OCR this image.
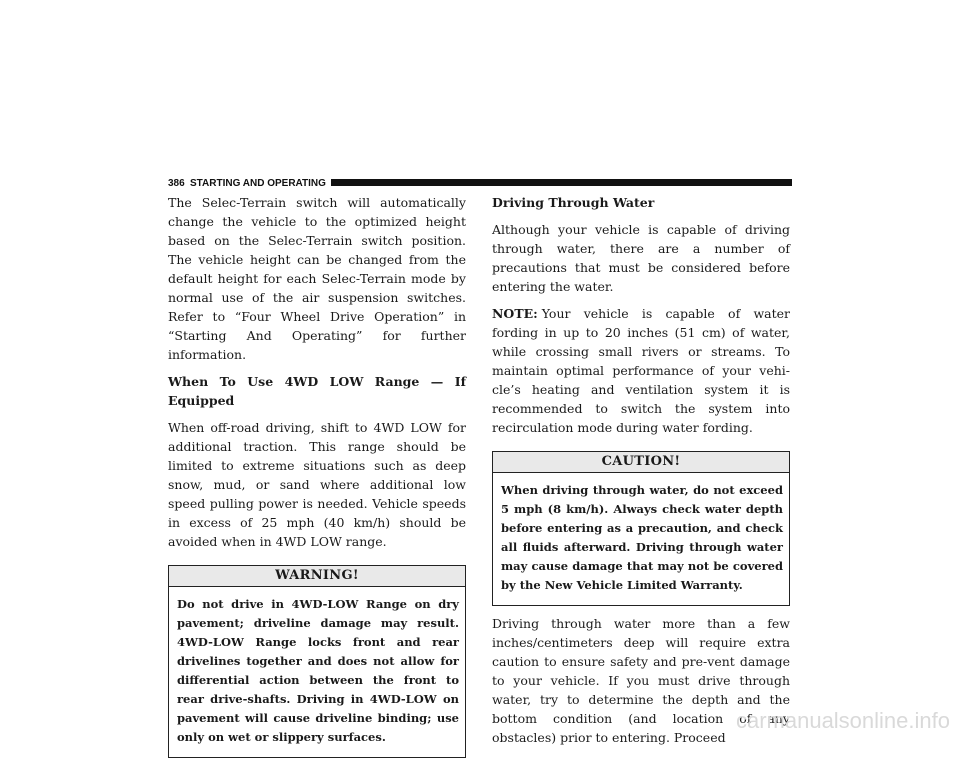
386 STARTING AND OPERATING

The Selec-Terrain switch will automatically change the vehicle to the optimized height based on the Selec-Terrain switch position. The vehicle height can be changed from the default height for each Selec-Terrain mode by normal use of the air suspension switches. Refer to “Four Wheel Drive Operation” in “Starting And Operating” for further information.

When To Use 4WD LOW Range — If Equipped

When off-road driving, shift to 4WD LOW for additional traction. This range should be limited to extreme situations such as deep snow, mud, or sand where additional low speed pulling power is needed. Vehicle speeds in excess of 25 mph (40 km/h) should be avoided when in 4WD LOW range.

WARNING!
Do not drive in 4WD-LOW Range on dry pavement; driveline damage may result. 4WD-LOW Range locks front and rear drivelines together and does not allow for differential action between the front to rear drive-shafts. Driving in 4WD-LOW on pavement will cause driveline binding; use only on wet or slippery surfaces.
Driving Through Water

Although your vehicle is capable of driving through water, there are a number of precautions that must be considered before entering the water.

NOTE: Your vehicle is capable of water fording in up to 20 inches (51 cm) of water, while crossing small rivers or streams. To maintain optimal performance of your vehi-cle’s heating and ventilation system it is recommended to switch the system into recirculation mode during water fording.

CAUTION!
When driving through water, do not exceed 5 mph (8 km/h). Always check water depth before entering as a precaution, and check all fluids afterward. Driving through water may cause damage that may not be covered by the New Vehicle Limited Warranty.

Driving through water more than a few inches/centimeters deep will require extra caution to ensure safety and pre-vent damage to your vehicle. If you must drive through water, try to determine the depth and the bottom condition (and location of any obstacles) prior to entering. Proceed

carmanualsonline.info
